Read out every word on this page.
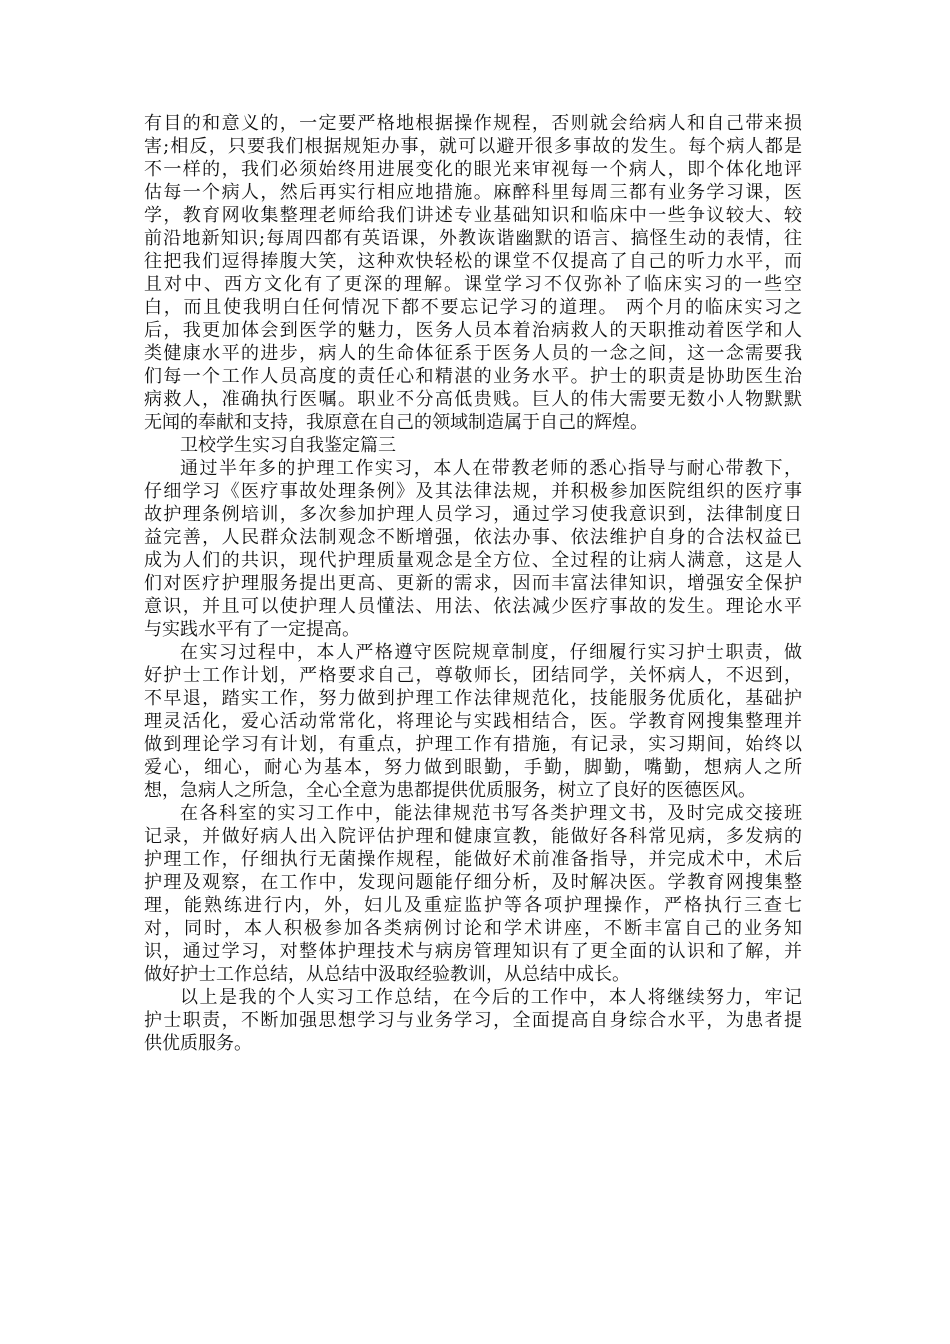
有目的和意义的，一定要严格地根据操作规程，否则就会给病人和自己带来损
害;相反，只要我们根据规矩办事，就可以避开很多事故的发生。每个病人都是
不一样的，我们必须始终用进展变化的眼光来审视每一个病人，即个体化地评
估每一个病人，然后再实行相应地措施。麻醉科里每周三都有业务学习课，医
学，教育网收集整理老师给我们讲述专业基础知识和临床中一些争议较大、较
前沿地新知识;每周四都有英语课，外教诙谐幽默的语言、搞怪生动的表情，往
往把我们逗得捧腹大笑，这种欢快轻松的课堂不仅提高了自己的听力水平，而
且对中、西方文化有了更深的理解。课堂学习不仅弥补了临床实习的一些空
白，而且使我明白任何情况下都不要忘记学习的道理。 两个月的临床实习之
后，我更加体会到医学的魅力，医务人员本着治病救人的天职推动着医学和人
类健康水平的进步，病人的生命体征系于医务人员的一念之间，这一念需要我
们每一个工作人员高度的责任心和精湛的业务水平。护士的职责是协助医生治
病救人，准确执行医嘱。职业不分高低贵贱。巨人的伟大需要无数小人物默默
无闻的奉献和支持，我原意在自己的领域制造属于自己的辉煌。
卫校学生实习自我鉴定篇三
通过半年多的护理工作实习，本人在带教老师的悉心指导与耐心带教下，
仔细学习《医疗事故处理条例》及其法律法规，并积极参加医院组织的医疗事
故护理条例培训，多次参加护理人员学习，通过学习使我意识到，法律制度日
益完善，人民群众法制观念不断增强，依法办事、依法维护自身的合法权益已
成为人们的共识，现代护理质量观念是全方位、全过程的让病人满意，这是人
们对医疗护理服务提出更高、更新的需求，因而丰富法律知识，增强安全保护
意识，并且可以使护理人员懂法、用法、依法减少医疗事故的发生。理论水平
与实践水平有了一定提高。
在实习过程中，本人严格遵守医院规章制度，仔细履行实习护士职责，做
好护士工作计划，严格要求自己，尊敬师长，团结同学，关怀病人，不迟到，
不早退，踏实工作，努力做到护理工作法律规范化，技能服务优质化，基础护
理灵活化，爱心活动常常化，将理论与实践相结合，医。学教育网搜集整理并
做到理论学习有计划，有重点，护理工作有措施，有记录，实习期间，始终以
爱心，细心，耐心为基本，努力做到眼勤，手勤，脚勤，嘴勤，想病人之所
想，急病人之所急，全心全意为患都提供优质服务，树立了良好的医德医风。
在各科室的实习工作中，能法律规范书写各类护理文书，及时完成交接班
记录，并做好病人出入院评估护理和健康宣教，能做好各科常见病，多发病的
护理工作，仔细执行无菌操作规程，能做好术前准备指导，并完成术中，术后
护理及观察，在工作中，发现问题能仔细分析，及时解决医。学教育网搜集整
理，能熟练进行内，外，妇儿及重症监护等各项护理操作，严格执行三查七
对，同时，本人积极参加各类病例讨论和学术讲座，不断丰富自己的业务知
识，通过学习，对整体护理技术与病房管理知识有了更全面的认识和了解，并
做好护士工作总结，从总结中汲取经验教训，从总结中成长。
以上是我的个人实习工作总结，在今后的工作中，本人将继续努力，牢记
护士职责，不断加强思想学习与业务学习，全面提高自身综合水平，为患者提
供优质服务。
